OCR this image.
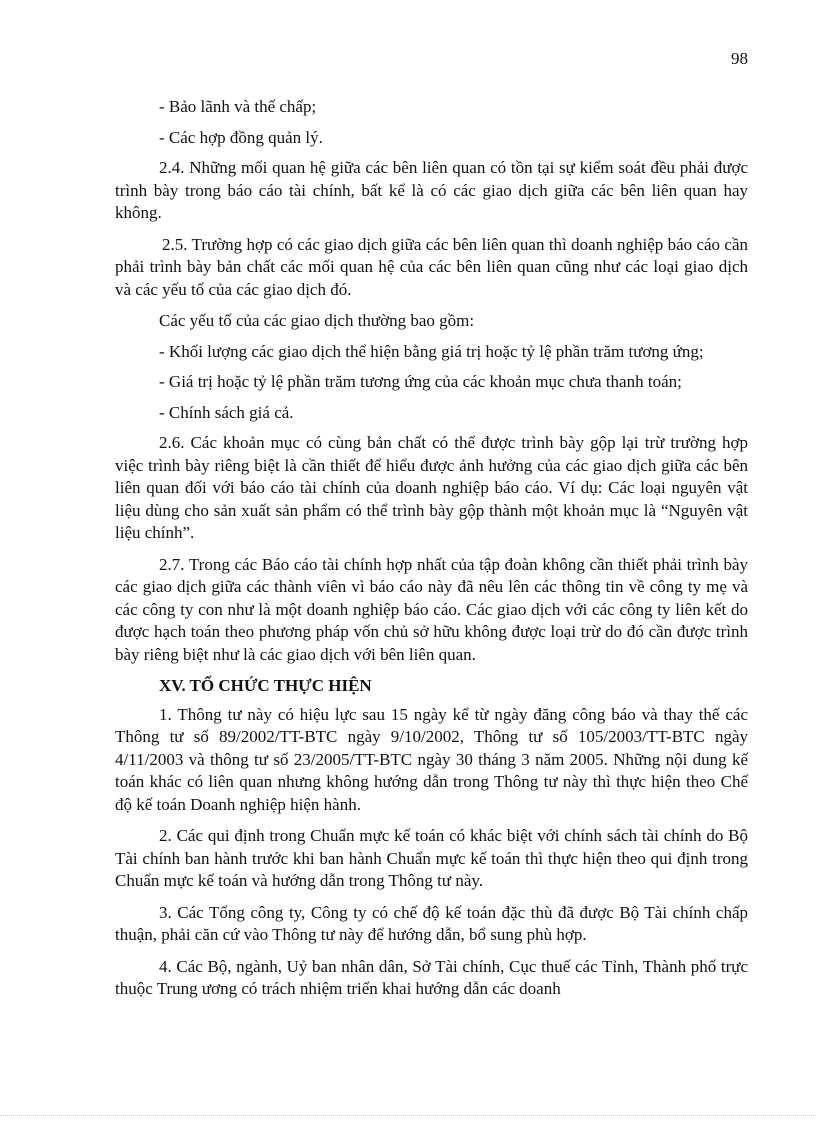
98

- Bảo lãnh và thế chấp;

- Các hợp đồng quản lý.

2.4. Những mối quan hệ giữa các bên liên quan có tồn tại sự kiểm soát đều phải được trình bày trong báo cáo tài chính, bất kể là có các giao dịch giữa các bên liên quan hay không.

2.5. Trường hợp có các giao dịch giữa các bên liên quan thì doanh nghiệp báo cáo cần phải trình bày bản chất các mối quan hệ của các bên liên quan cũng như các loại giao dịch và các yếu tố của các giao dịch đó.

Các yếu tố của các giao dịch thường bao gồm:

- Khối lượng các giao dịch thể hiện bằng giá trị hoặc tỷ lệ phần trăm tương ứng;

- Giá trị hoặc tỷ lệ phần trăm tương ứng của các khoản mục chưa thanh toán;

- Chính sách giá cả.

2.6. Các khoản mục có cùng bản chất có thể được trình bày gộp lại trừ trường hợp việc trình bày riêng biệt là cần thiết để hiểu được ảnh hưởng của các giao dịch giữa các bên liên quan đối với báo cáo tài chính của doanh nghiệp báo cáo. Ví dụ: Các loại nguyên vật liệu dùng cho sản xuất sản phẩm có thể trình bày gộp thành một khoản mục là “Nguyên vật liệu chính”.

2.7. Trong các Báo cáo tài chính hợp nhất của tập đoàn không cần thiết phải trình bày các giao dịch giữa các thành viên vì báo cáo này đã nêu lên các thông tin về công ty mẹ và các công ty con như là một doanh nghiệp báo cáo. Các giao dịch với các công ty liên kết do được hạch toán theo phương pháp vốn chủ sở hữu không được loại trừ do đó cần được trình bày riêng biệt như là các giao dịch với bên liên quan.

XV. TỔ CHỨC THỰC HIỆN

1. Thông tư này có hiệu lực sau 15 ngày kể từ ngày đăng công báo và thay thế các Thông tư số 89/2002/TT-BTC ngày 9/10/2002, Thông tư số 105/2003/TT-BTC ngày 4/11/2003 và thông tư số 23/2005/TT-BTC ngày 30 tháng 3 năm 2005. Những nội dung kế toán khác có liên quan nhưng không hướng dẫn trong Thông tư này thì thực hiện theo Chế độ kế toán Doanh nghiệp hiện hành.

2. Các qui định trong Chuẩn mực kế toán có khác biệt với chính sách tài chính do Bộ Tài chính ban hành trước khi ban hành Chuẩn mực kế toán thì thực hiện theo qui định trong Chuẩn mực kế toán và hướng dẫn trong Thông tư này.

3. Các Tổng công ty, Công ty có chế độ kế toán đặc thù đã được Bộ Tài chính chấp thuận, phải căn cứ vào Thông tư này để hướng dẫn, bổ sung phù hợp.

4. Các Bộ, ngành, Uỷ ban nhân dân, Sở Tài chính, Cục thuế các Tỉnh, Thành phố trực thuộc Trung ương có trách nhiệm triển khai hướng dẫn các doanh
